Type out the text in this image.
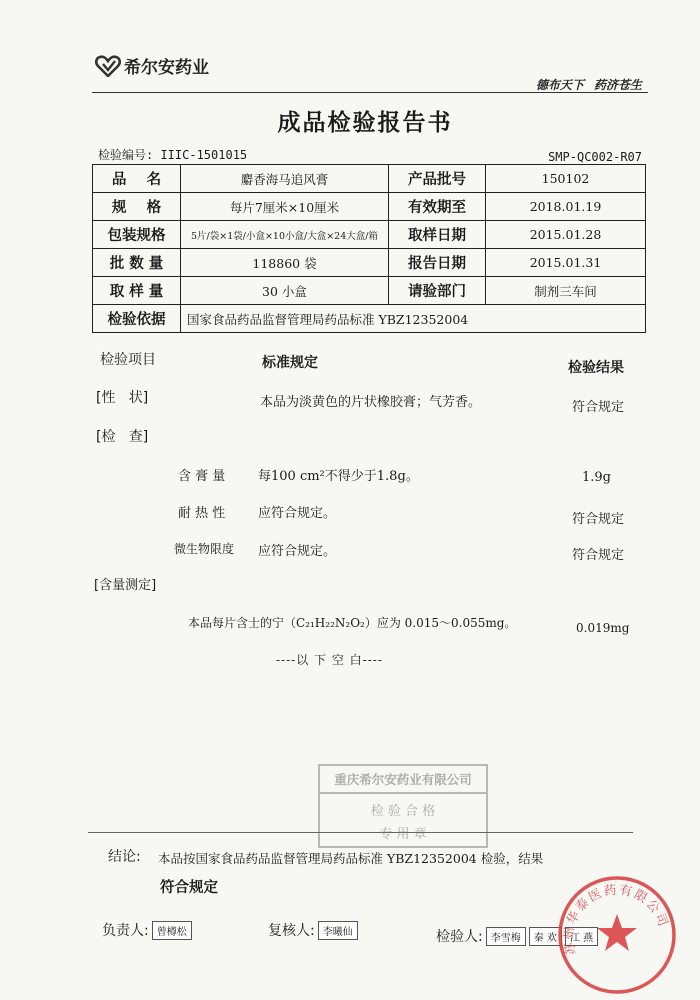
希尔安药业
德布天下 药济苍生
成品检验报告书
检验编号: IIIC-1501015	SMP-QC002-R07
品    名	麝香海马追风膏	产品批号	150102
规    格	每片7厘米×10厘米	有效期至	2018.01.19
包装规格	5片/袋×1袋/小盒×10小盒/大盒×24大盒/箱	取样日期	2015.01.28
批 数 量	118860 袋	报告日期	2015.01.31
取 样 量	30 小盒	请验部门	制剂三车间
检验依据	国家食品药品监督管理局药品标准 YBZ12352004		
检验项目	标准规定	检验结果
[性   状]	本品为淡黄色的片状橡胶膏；气芳香。	符合规定
[检   查]
含 膏 量	每100 cm²不得少于1.8g。	1.9g
耐 热 性	应符合规定。	符合规定
微生物限度 应符合规定。	符合规定
[含量测定]
本品每片含士的宁（C₂₁H₂₂N₂O₂）应为 0.015～0.055mg。	0.019mg
----以 下 空 白----
重庆希尔安药业有限公司
检 验 合 格
专 用 章
结论: 本品按国家食品药品监督管理局药品标准 YBZ12352004 检验，结果
符合规定
负责人: 曾樽松	复核人: 李曦仙	检验人: 李雪梅 秦 欢 江 燕
苏州华泰医药有限公司
